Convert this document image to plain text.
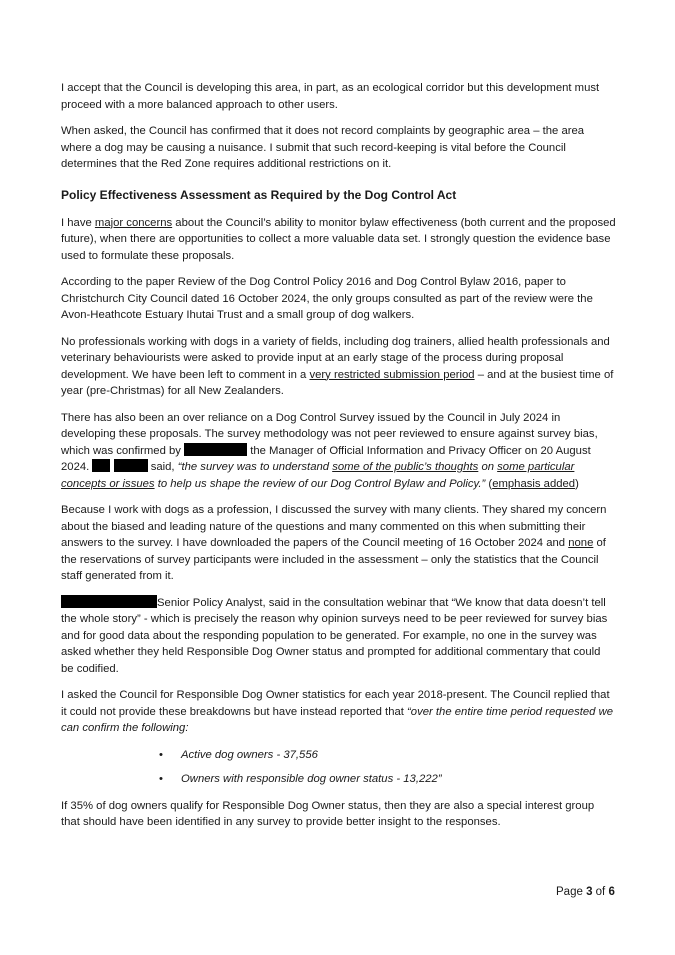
I accept that the Council is developing this area, in part, as an ecological corridor but this development must proceed with a more balanced approach to other users.

When asked, the Council has confirmed that it does not record complaints by geographic area – the area where a dog may be causing a nuisance. I submit that such record-keeping is vital before the Council determines that the Red Zone requires additional restrictions on it.

Policy Effectiveness Assessment as Required by the Dog Control Act

I have major concerns about the Council’s ability to monitor bylaw effectiveness (both current and the proposed future), when there are opportunities to collect a more valuable data set. I strongly question the evidence base used to formulate these proposals.

According to the paper Review of the Dog Control Policy 2016 and Dog Control Bylaw 2016, paper to Christchurch City Council dated 16 October 2024, the only groups consulted as part of the review were the Avon-Heathcote Estuary Ihutai Trust and a small group of dog walkers.

No professionals working with dogs in a variety of fields, including dog trainers, allied health professionals and veterinary behaviourists were asked to provide input at an early stage of the process during proposal development. We have been left to comment in a very restricted submission period – and at the busiest time of year (pre-Christmas) for all New Zealanders.

There has also been an over reliance on a Dog Control Survey issued by the Council in July 2024 in developing these proposals. The survey methodology was not peer reviewed to ensure against survey bias, which was confirmed by	the Manager of Official Information and Privacy Officer on 20 August 2024.	said, “the survey was to understand some of the public’s thoughts on some particular concepts or issues to help us shape the review of our Dog Control Bylaw and Policy.” (emphasis added)

Because I work with dogs as a profession, I discussed the survey with many clients. They shared my concern about the biased and leading nature of the questions and many commented on this when submitting their answers to the survey. I have downloaded the papers of the Council meeting of 16 October 2024 and none of the reservations of survey participants were included in the assessment – only the statistics that the Council staff generated from it.

Senior Policy Analyst, said in the consultation webinar that “We know that data doesn’t tell the whole story” - which is precisely the reason why opinion surveys need to be peer reviewed for survey bias and for good data about the responding population to be generated. For example, no one in the survey was asked whether they held Responsible Dog Owner status and prompted for additional commentary that could be codified.

I asked the Council for Responsible Dog Owner statistics for each year 2018-present. The Council replied that it could not provide these breakdowns but have instead reported that “over the entire time period requested we can confirm the following:

• Active dog owners - 37,556
• Owners with responsible dog owner status - 13,222”

If 35% of dog owners qualify for Responsible Dog Owner status, then they are also a special interest group that should have been identified in any survey to provide better insight to the responses.

Page 3 of 6
